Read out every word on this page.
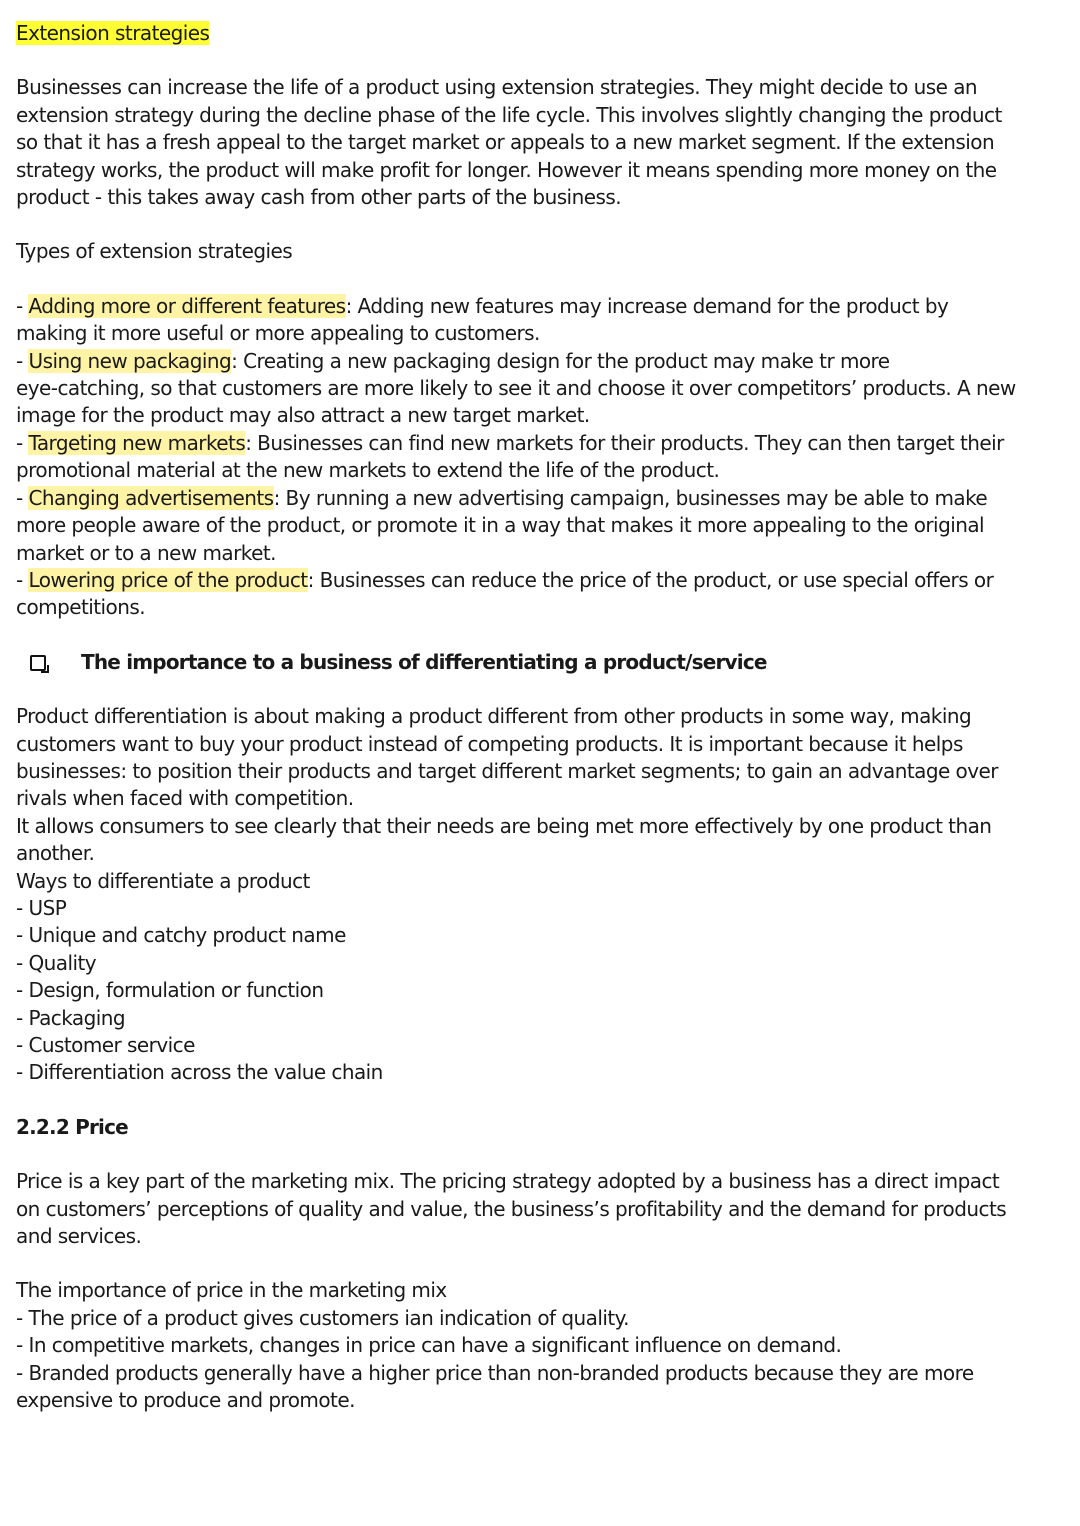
Extension strategies
Businesses can increase the life of a product using extension strategies. They might decide to use an
extension strategy during the decline phase of the life cycle. This involves slightly changing the product
so that it has a fresh appeal to the target market or appeals to a new market segment. If the extension
strategy works, the product will make profit for longer. However it means spending more money on the
product - this takes away cash from other parts of the business.
Types of extension strategies
- Adding more or different features: Adding new features may increase demand for the product by
making it more useful or more appealing to customers.
- Using new packaging: Creating a new packaging design for the product may make tr more
eye-catching, so that customers are more likely to see it and choose it over competitors’ products. A new
image for the product may also attract a new target market.
- Targeting new markets: Businesses can find new markets for their products. They can then target their
promotional material at the new markets to extend the life of the product.
- Changing advertisements: By running a new advertising campaign, businesses may be able to make
more people aware of the product, or promote it in a way that makes it more appealing to the original
market or to a new market.
- Lowering price of the product: Businesses can reduce the price of the product, or use special offers or
competitions.
The importance to a business of differentiating a product/service
Product differentiation is about making a product different from other products in some way, making
customers want to buy your product instead of competing products. It is important because it helps
businesses: to position their products and target different market segments; to gain an advantage over
rivals when faced with competition.
It allows consumers to see clearly that their needs are being met more effectively by one product than
another.
Ways to differentiate a product
- USP
- Unique and catchy product name
- Quality
- Design, formulation or function
- Packaging
- Customer service
- Differentiation across the value chain
2.2.2 Price
Price is a key part of the marketing mix. The pricing strategy adopted by a business has a direct impact
on customers’ perceptions of quality and value, the business’s profitability and the demand for products
and services.
The importance of price in the marketing mix
- The price of a product gives customers ian indication of quality.
- In competitive markets, changes in price can have a significant influence on demand.
- Branded products generally have a higher price than non-branded products because they are more
expensive to produce and promote.
